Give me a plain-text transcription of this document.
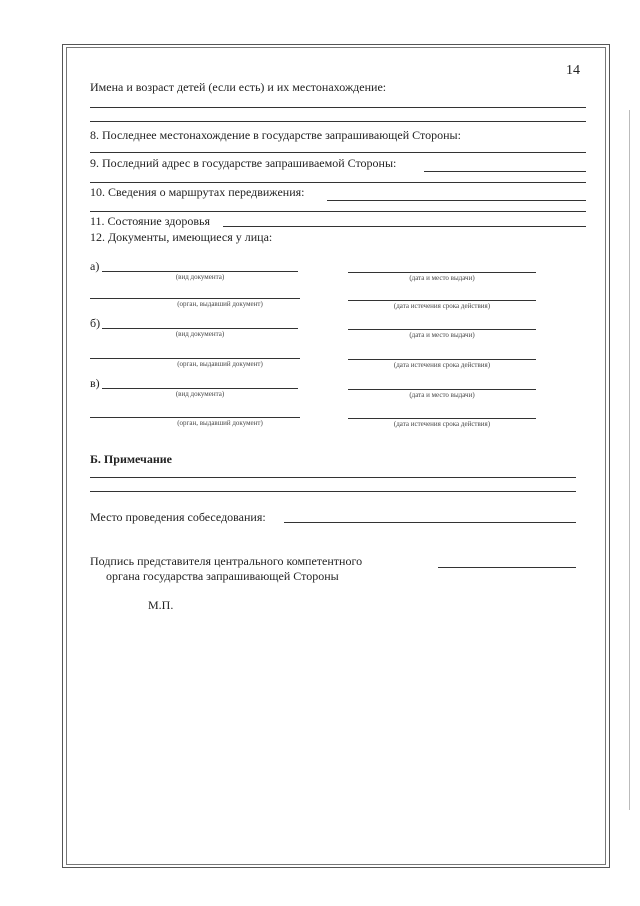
14
Имена и возраст детей (если есть) и их местонахождение:
8. Последнее местонахождение в государстве запрашивающей Стороны:
9. Последний адрес в государстве запрашиваемой Стороны:
10. Сведения о маршрутах передвижения:
11. Состояние здоровья
12. Документы, имеющиеся у лица:
а)
(вид документа)	(дата и место выдачи)
(орган, выдавший документ)	(дата истечения срока действия)
б)
(вид документа)	(дата и место выдачи)
(орган, выдавший документ)	(дата истечения срока действия)
в)
(вид документа)	(дата и место выдачи)
(орган, выдавший документ)	(дата истечения срока действия)
Б. Примечание
Место проведения собеседования:
Подпись представителя центрального компетентного
органа государства запрашивающей Стороны
М.П.
